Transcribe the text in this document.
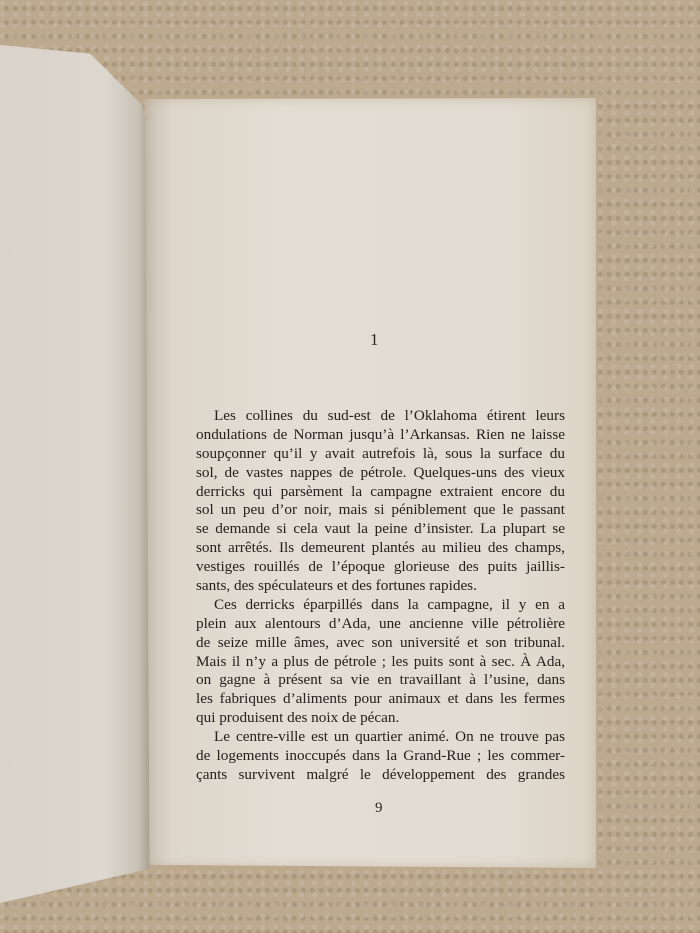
1
Les collines du sud-est de l’Oklahoma étirent leurs
ondulations de Norman jusqu’à l’Arkansas. Rien ne laisse
soupçonner qu’il y avait autrefois là, sous la surface du
sol, de vastes nappes de pétrole. Quelques-uns des vieux
derricks qui parsèment la campagne extraient encore du
sol un peu d’or noir, mais si péniblement que le passant
se demande si cela vaut la peine d’insister. La plupart se
sont arrêtés. Ils demeurent plantés au milieu des champs,
vestiges rouillés de l’époque glorieuse des puits jaillis-
sants, des spéculateurs et des fortunes rapides.
Ces derricks éparpillés dans la campagne, il y en a
plein aux alentours d’Ada, une ancienne ville pétrolière
de seize mille âmes, avec son université et son tribunal.
Mais il n’y a plus de pétrole ; les puits sont à sec. À Ada,
on gagne à présent sa vie en travaillant à l’usine, dans
les fabriques d’aliments pour animaux et dans les fermes
qui produisent des noix de pécan.
Le centre-ville est un quartier animé. On ne trouve pas
de logements inoccupés dans la Grand-Rue ; les commer-
çants survivent malgré le développement des grandes
9
